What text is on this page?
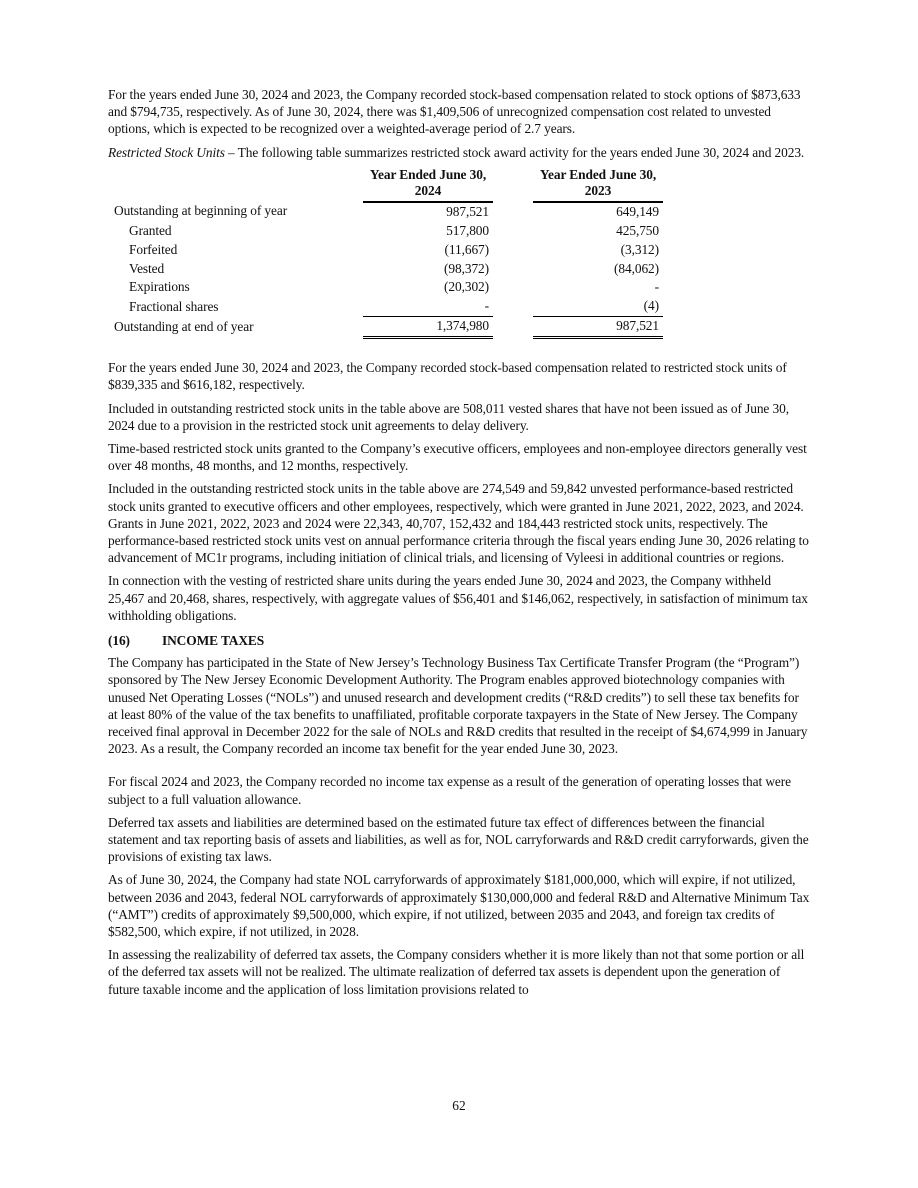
For the years ended June 30, 2024 and 2023, the Company recorded stock-based compensation related to stock options of $873,633 and $794,735, respectively. As of June 30, 2024, there was $1,409,506 of unrecognized compensation cost related to unvested options, which is expected to be recognized over a weighted-average period of 2.7 years.

Restricted Stock Units – The following table summarizes restricted stock award activity for the years ended June 30, 2024 and 2023.

		Year Ended June 30,
2024		Year Ended June 30,
2023	
Outstanding at beginning of year		987,521		649,149	
Granted		517,800		425,750	
Forfeited		(11,667)		(3,312)	
Vested		(98,372)		(84,062)	
Expirations		(20,302)		-	
Fractional shares		-		(4)	
Outstanding at end of year		1,374,980		987,521	

For the years ended June 30, 2024 and 2023, the Company recorded stock-based compensation related to restricted stock units of $839,335 and $616,182, respectively.

Included in outstanding restricted stock units in the table above are 508,011 vested shares that have not been issued as of June 30, 2024 due to a provision in the restricted stock unit agreements to delay delivery.

Time-based restricted stock units granted to the Company’s executive officers, employees and non-employee directors generally vest over 48 months, 48 months, and 12 months, respectively.

Included in the outstanding restricted stock units in the table above are 274,549 and 59,842 unvested performance-based restricted stock units granted to executive officers and other employees, respectively, which were granted in June 2021, 2022, 2023, and 2024. Grants in June 2021, 2022, 2023 and 2024 were 22,343, 40,707, 152,432 and 184,443 restricted stock units, respectively. The performance-based restricted stock units vest on annual performance criteria through the fiscal years ending June 30, 2026 relating to advancement of MC1r programs, including initiation of clinical trials, and licensing of Vyleesi in additional countries or regions.

In connection with the vesting of restricted share units during the years ended June 30, 2024 and 2023, the Company withheld 25,467 and 20,468, shares, respectively, with aggregate values of $56,401 and $146,062, respectively, in satisfaction of minimum tax withholding obligations.

(16) INCOME TAXES

The Company has participated in the State of New Jersey’s Technology Business Tax Certificate Transfer Program (the “Program”) sponsored by The New Jersey Economic Development Authority. The Program enables approved biotechnology companies with unused Net Operating Losses (“NOLs”) and unused research and development credits (“R&D credits”) to sell these tax benefits for at least 80% of the value of the tax benefits to unaffiliated, profitable corporate taxpayers in the State of New Jersey. The Company received final approval in December 2022 for the sale of NOLs and R&D credits that resulted in the receipt of $4,674,999 in January 2023. As a result, the Company recorded an income tax benefit for the year ended June 30, 2023.

For fiscal 2024 and 2023, the Company recorded no income tax expense as a result of the generation of operating losses that were subject to a full valuation allowance.

Deferred tax assets and liabilities are determined based on the estimated future tax effect of differences between the financial statement and tax reporting basis of assets and liabilities, as well as for, NOL carryforwards and R&D credit carryforwards, given the provisions of existing tax laws.

As of June 30, 2024, the Company had state NOL carryforwards of approximately $181,000,000, which will expire, if not utilized, between 2036 and 2043, federal NOL carryforwards of approximately $130,000,000 and federal R&D and Alternative Minimum Tax (“AMT”) credits of approximately $9,500,000, which expire, if not utilized, between 2035 and 2043, and foreign tax credits of $582,500, which expire, if not utilized, in 2028.

In assessing the realizability of deferred tax assets, the Company considers whether it is more likely than not that some portion or all of the deferred tax assets will not be realized. The ultimate realization of deferred tax assets is dependent upon the generation of future taxable income and the application of loss limitation provisions related to

62
